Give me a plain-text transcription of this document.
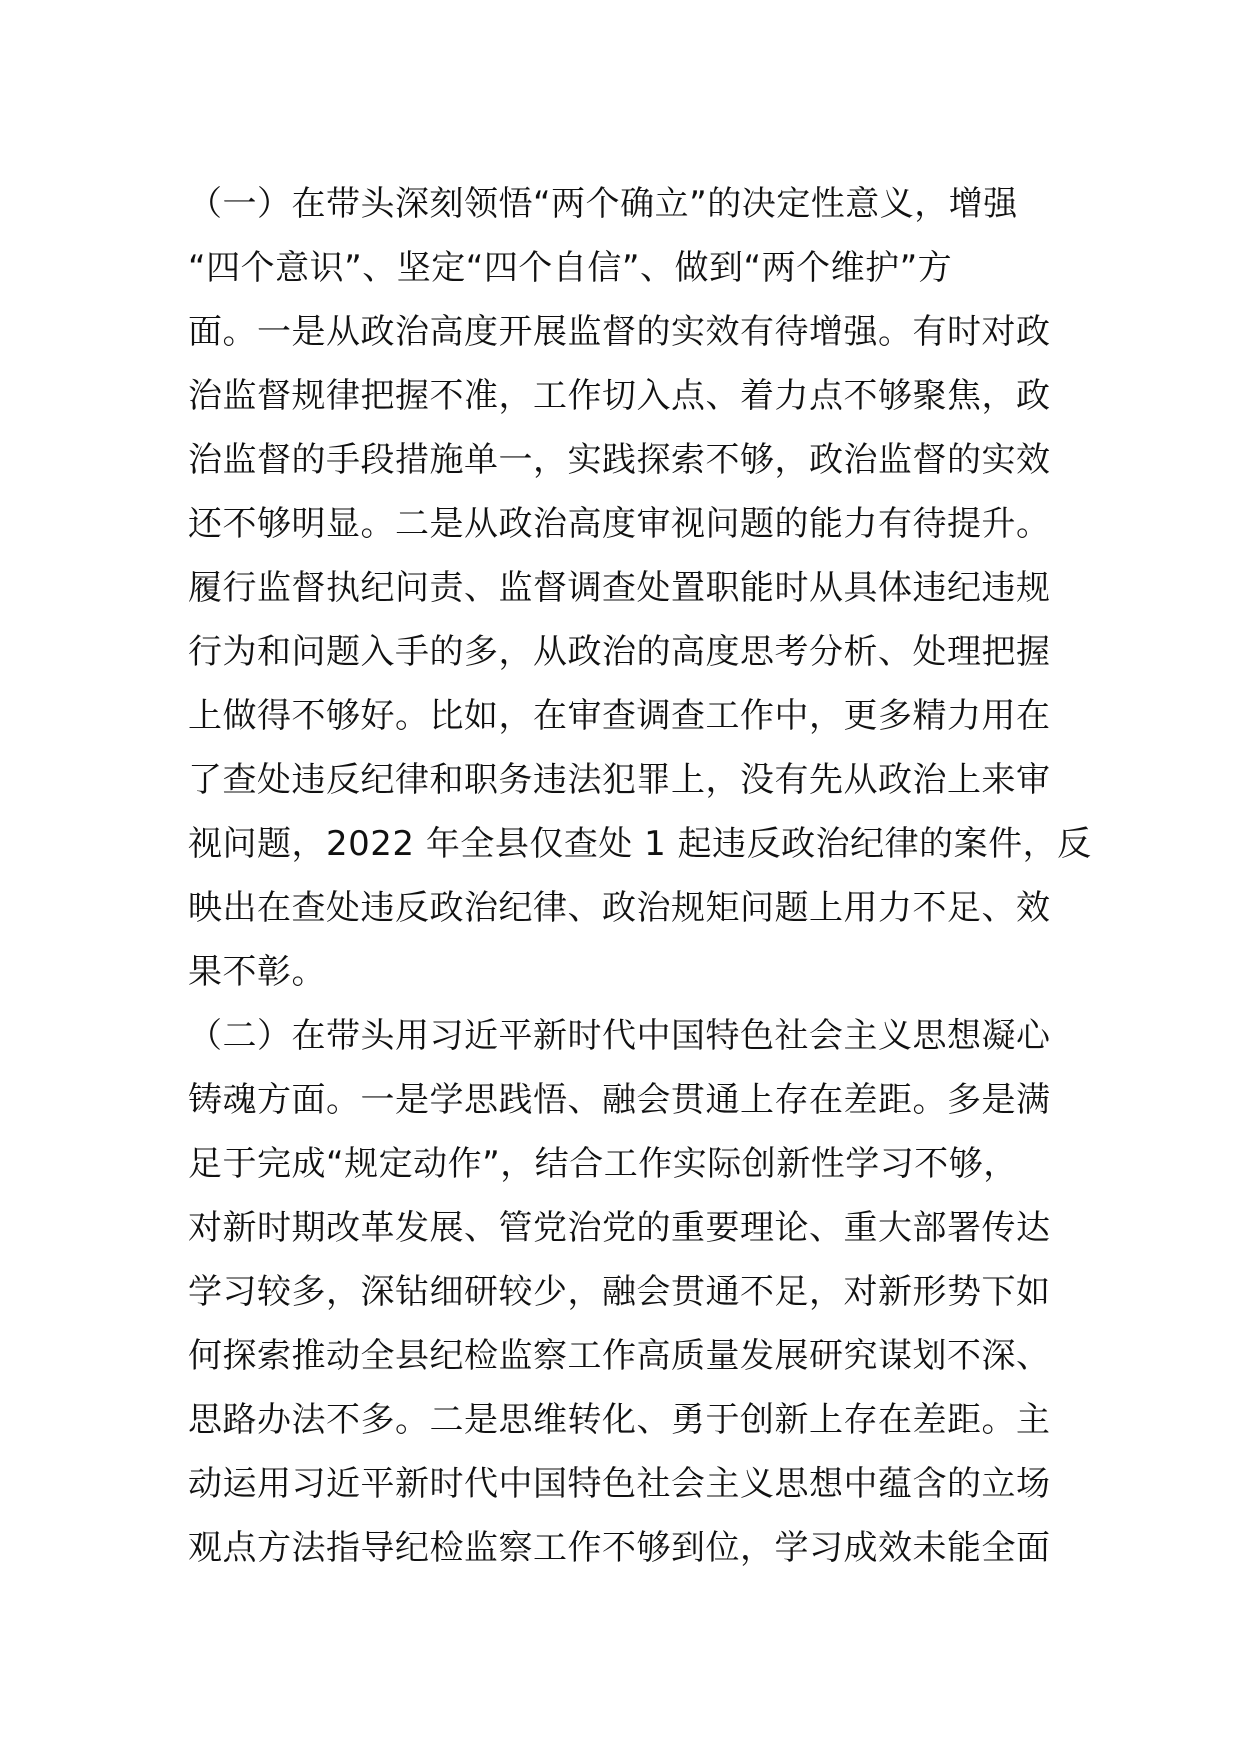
（一）在带头深刻领悟“两个确立”的决定性意义，增强
“四个意识”、坚定“四个自信”、做到“两个维护”方
面。一是从政治高度开展监督的实效有待增强。有时对政
治监督规律把握不准，工作切入点、着力点不够聚焦，政
治监督的手段措施单一，实践探索不够，政治监督的实效
还不够明显。二是从政治高度审视问题的能力有待提升。
履行监督执纪问责、监督调查处置职能时从具体违纪违规
行为和问题入手的多，从政治的高度思考分析、处理把握
上做得不够好。比如，在审查调查工作中，更多精力用在
了查处违反纪律和职务违法犯罪上，没有先从政治上来审
视问题，2022 年全县仅查处 1 起违反政治纪律的案件，反
映出在查处违反政治纪律、政治规矩问题上用力不足、效
果不彰。
（二）在带头用习近平新时代中国特色社会主义思想凝心
铸魂方面。一是学思践悟、融会贯通上存在差距。多是满
足于完成“规定动作”，结合工作实际创新性学习不够，
对新时期改革发展、管党治党的重要理论、重大部署传达
学习较多，深钻细研较少，融会贯通不足，对新形势下如
何探索推动全县纪检监察工作高质量发展研究谋划不深、
思路办法不多。二是思维转化、勇于创新上存在差距。主
动运用习近平新时代中国特色社会主义思想中蕴含的立场
观点方法指导纪检监察工作不够到位，学习成效未能全面
